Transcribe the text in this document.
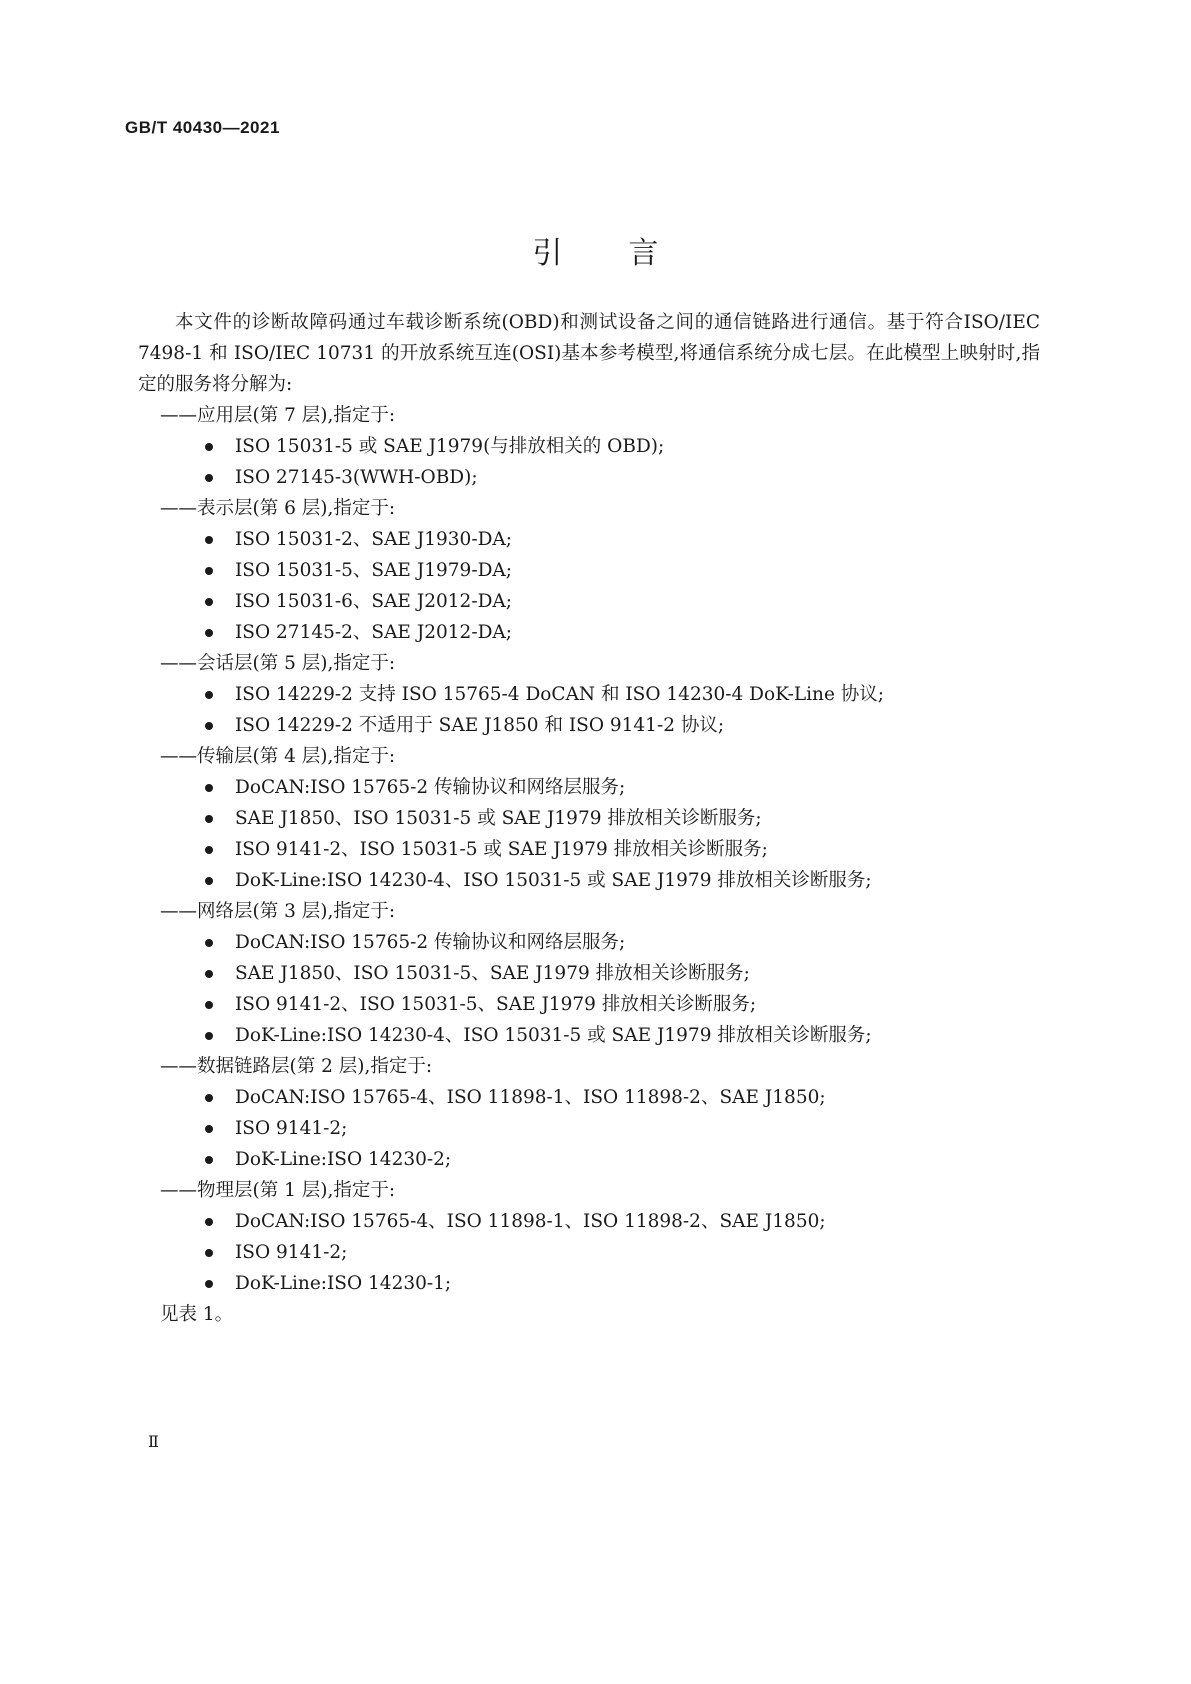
GB/T 40430—2021
引 言
本文件的诊断故障码通过车载诊断系统(OBD)和测试设备之间的通信链路进行通信。基于符合ISO/IEC 7498-1 和 ISO/IEC 10731 的开放系统互连(OSI)基本参考模型,将通信系统分成七层。在此模型上映射时,指定的服务将分解为:
——应用层(第 7 层),指定于:
ISO 15031-5 或 SAE J1979(与排放相关的 OBD);
ISO 27145-3(WWH-OBD);
——表示层(第 6 层),指定于:
ISO 15031-2、SAE J1930-DA;
ISO 15031-5、SAE J1979-DA;
ISO 15031-6、SAE J2012-DA;
ISO 27145-2、SAE J2012-DA;
——会话层(第 5 层),指定于:
ISO 14229-2 支持 ISO 15765-4 DoCAN 和 ISO 14230-4 DoK-Line 协议;
ISO 14229-2 不适用于 SAE J1850 和 ISO 9141-2 协议;
——传输层(第 4 层),指定于:
DoCAN:ISO 15765-2 传输协议和网络层服务;
SAE J1850、ISO 15031-5 或 SAE J1979 排放相关诊断服务;
ISO 9141-2、ISO 15031-5 或 SAE J1979 排放相关诊断服务;
DoK-Line:ISO 14230-4、ISO 15031-5 或 SAE J1979 排放相关诊断服务;
——网络层(第 3 层),指定于:
DoCAN:ISO 15765-2 传输协议和网络层服务;
SAE J1850、ISO 15031-5、SAE J1979 排放相关诊断服务;
ISO 9141-2、ISO 15031-5、SAE J1979 排放相关诊断服务;
DoK-Line:ISO 14230-4、ISO 15031-5 或 SAE J1979 排放相关诊断服务;
——数据链路层(第 2 层),指定于:
DoCAN:ISO 15765-4、ISO 11898-1、ISO 11898-2、SAE J1850;
ISO 9141-2;
DoK-Line:ISO 14230-2;
——物理层(第 1 层),指定于:
DoCAN:ISO 15765-4、ISO 11898-1、ISO 11898-2、SAE J1850;
ISO 9141-2;
DoK-Line:ISO 14230-1;
见表 1。
Ⅱ
